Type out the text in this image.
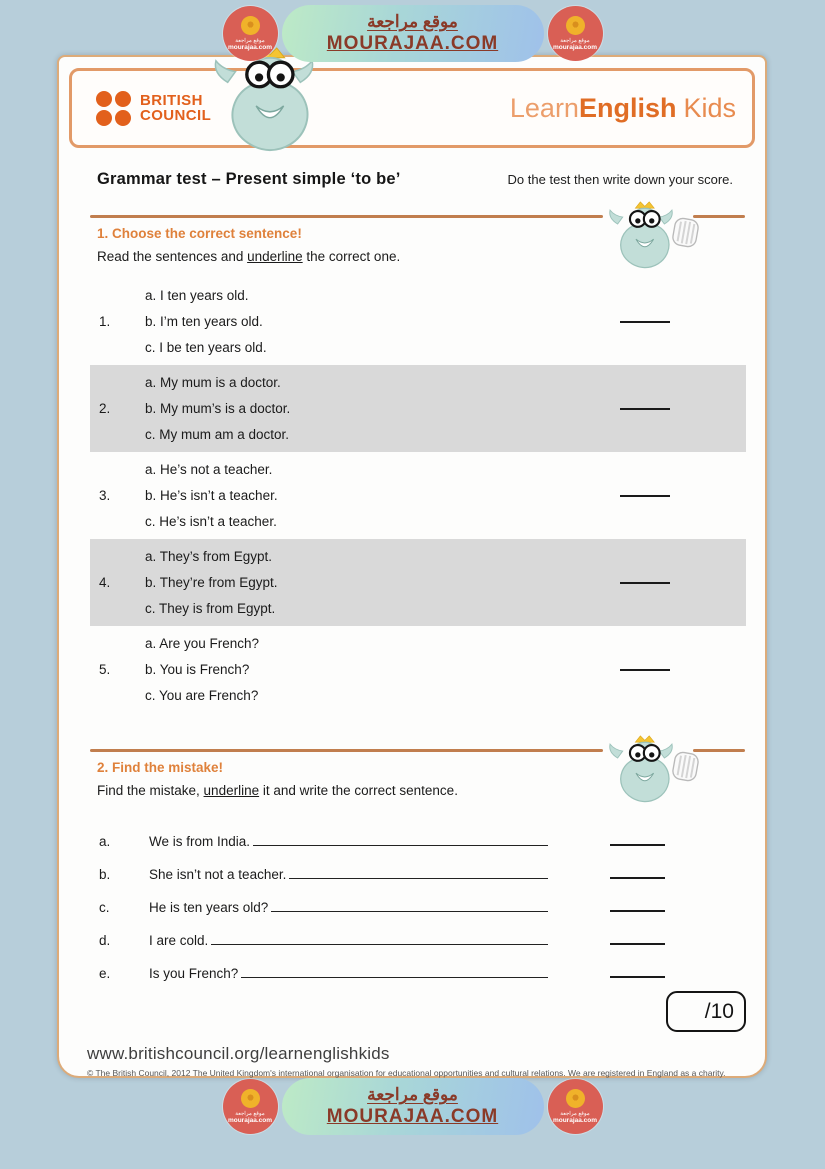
BRITISH
COUNCIL	LearnEnglish Kids
Grammar test – Present simple ‘to be’	Do the test then write down your score.
1. Choose the correct sentence!
Read the sentences and underline the correct one.
1.
a. I ten years old.
b. I’m ten years old.
c. I be ten years old.
2.
a. My mum is a doctor.
b. My mum’s is a doctor.
c. My mum am a doctor.
3.
a. He’s not a teacher.
b. He’s isn’t a teacher.
c. He’s isn’t a teacher.
4.
a. They’s from Egypt.
b. They’re from Egypt.
c. They is from Egypt.
5.
a. Are you French?
b. You is French?
c. You are French?
2. Find the mistake!
Find the mistake, underline it and write the correct sentence.
a.	We is from India.
b.	She isn’t not a teacher.
c.	He is ten years old?
d.	I are cold.
e.	Is you French?
/10
www.britishcouncil.org/learnenglishkids
© The British Council, 2012 The United Kingdom's international organisation for educational opportunities and cultural relations. We are registered in England as a charity.
موقع مراجعة
mourajaa.com
موقع مراجعة
MOURAJAA.COM	موقع مراجعة
mourajaa.com
موقع مراجعة
mourajaa.com
موقع مراجعة
MOURAJAA.COM	موقع مراجعة
mourajaa.com
